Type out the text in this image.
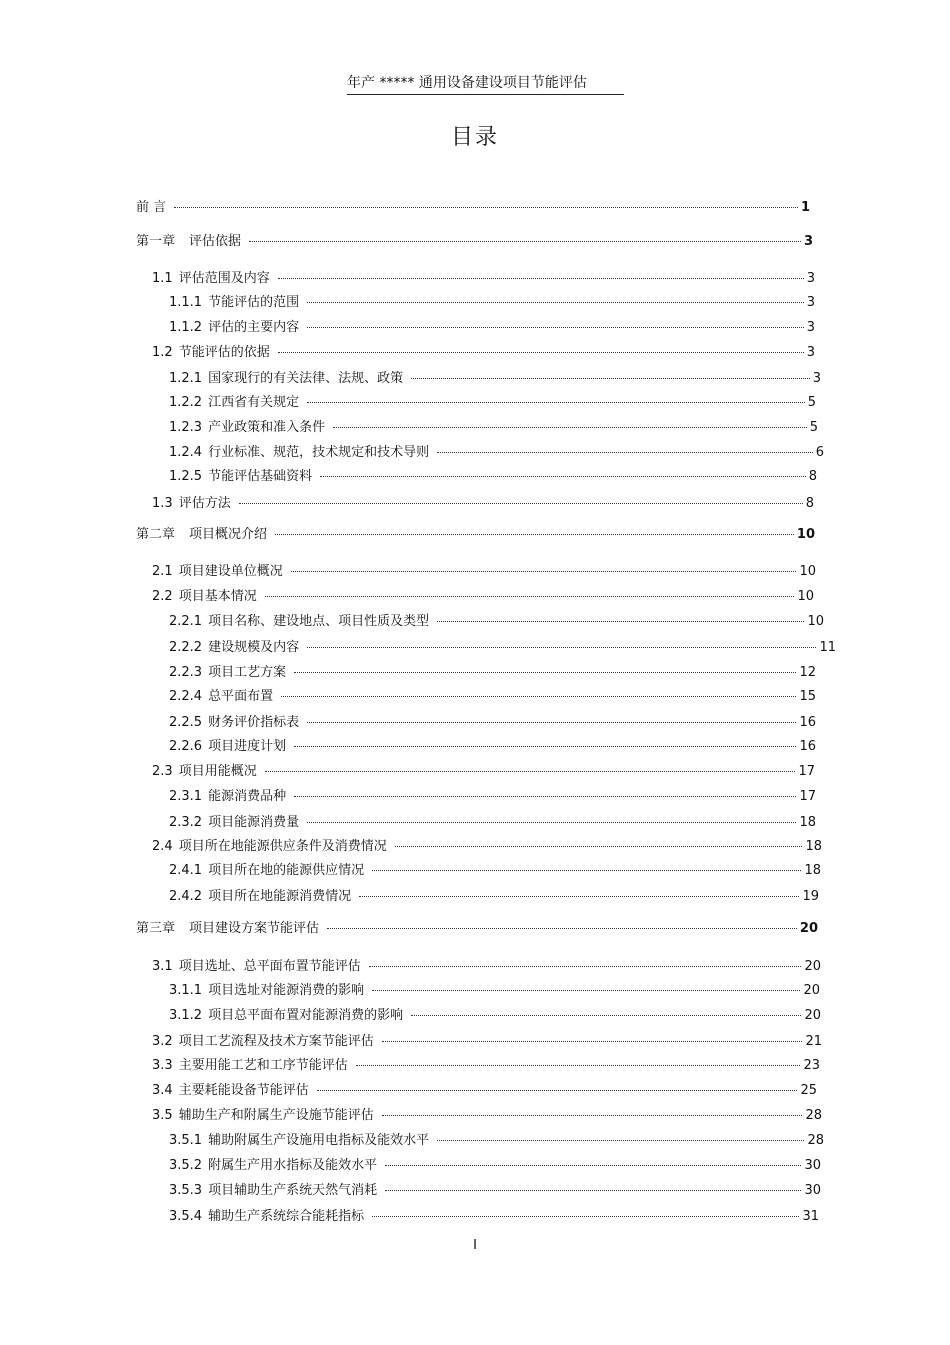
年产 ***** 通用设备建设项目节能评估
目录
前 言	1
第一章 评估依据	3
1.1 评估范围及内容	3
1.1.1 节能评估的范围	3
1.1.2 评估的主要内容	3
1.2 节能评估的依据	3
1.2.1 国家现行的有关法律、法规、政策	3
1.2.2 江西省有关规定	5
1.2.3 产业政策和准入条件	5
1.2.4 行业标准、规范，技术规定和技术导则	6
1.2.5 节能评估基础资料	8
1.3 评估方法	8
第二章 项目概况介绍	10
2.1 项目建设单位概况	10
2.2 项目基本情况	10
2.2.1 项目名称、建设地点、项目性质及类型	10
2.2.2 建设规模及内容	11
2.2.3 项目工艺方案	12
2.2.4 总平面布置	15
2.2.5 财务评价指标表	16
2.2.6 项目进度计划	16
2.3 项目用能概况	17
2.3.1 能源消费品种	17
2.3.2 项目能源消费量	18
2.4 项目所在地能源供应条件及消费情况	18
2.4.1 项目所在地的能源供应情况	18
2.4.2 项目所在地能源消费情况	19
第三章 项目建设方案节能评估	20
3.1 项目选址、总平面布置节能评估	20
3.1.1 项目选址对能源消费的影响	20
3.1.2 项目总平面布置对能源消费的影响	20
3.2 项目工艺流程及技术方案节能评估	21
3.3 主要用能工艺和工序节能评估	23
3.4 主要耗能设备节能评估	25
3.5 辅助生产和附属生产设施节能评估	28
3.5.1 辅助附属生产设施用电指标及能效水平	28
3.5.2 附属生产用水指标及能效水平	30
3.5.3 项目辅助生产系统天然气消耗	30
3.5.4 辅助生产系统综合能耗指标	31
I
